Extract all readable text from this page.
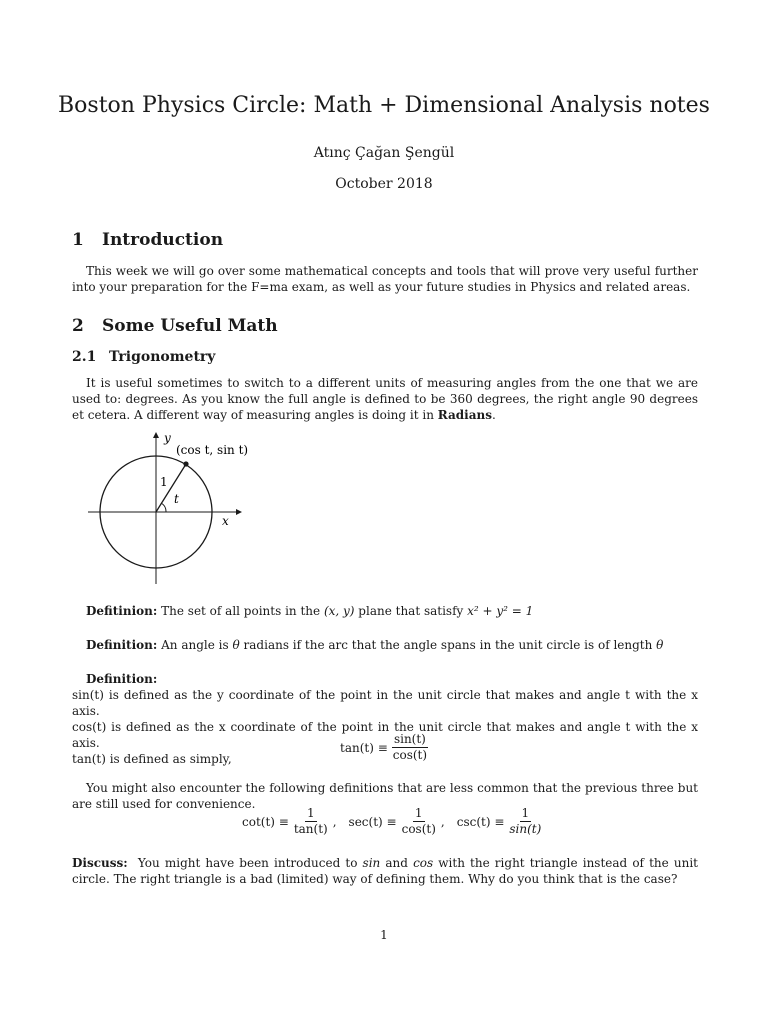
Boston Physics Circle: Math + Dimensional Analysis notes
Atınç Çağan Şengül
October 2018
1 Introduction

This week we will go over some mathematical concepts and tools that will prove very useful further into your preparation for the F=ma exam, as well as your future studies in Physics and related areas.

2 Some Useful Math
2.1 Trigonometry

It is useful sometimes to switch to a different units of measuring angles from the one that we are used to: degrees. As you know the full angle is defined to be 360 degrees, the right angle 90 degrees et cetera. A different way of measuring angles is doing it in Radians.

y
x
(cos t, sin t)
1
t

Defitinion: The set of all points in the (x, y) plane that satisfy x² + y² = 1

Definition: An angle is θ radians if the arc that the angle spans in the unit circle is of length θ

Definition:

sin(t) is defined as the y coordinate of the point in the unit circle that makes and angle t with the x axis.

cos(t) is defined as the x coordinate of the point in the unit circle that makes and angle t with the x axis.

tan(t) is defined as simply,

$\tan(t) \equiv \frac{\sin(t)}{\cos(t)}$

You might also encounter the following definitions that are less common that the previous three but are still used for convenience.

$\cot(t) \equiv \frac{1}{\tan(t)}$ , $\sec(t) \equiv \frac{1}{\cos(t)}$ , $\csc(t) \equiv \frac{1}{\sin(t)}$

Discuss: You might have been introduced to sin and cos with the right triangle instead of the unit circle. The right triangle is a bad (limited) way of defining them. Why do you think that is the case?

1
